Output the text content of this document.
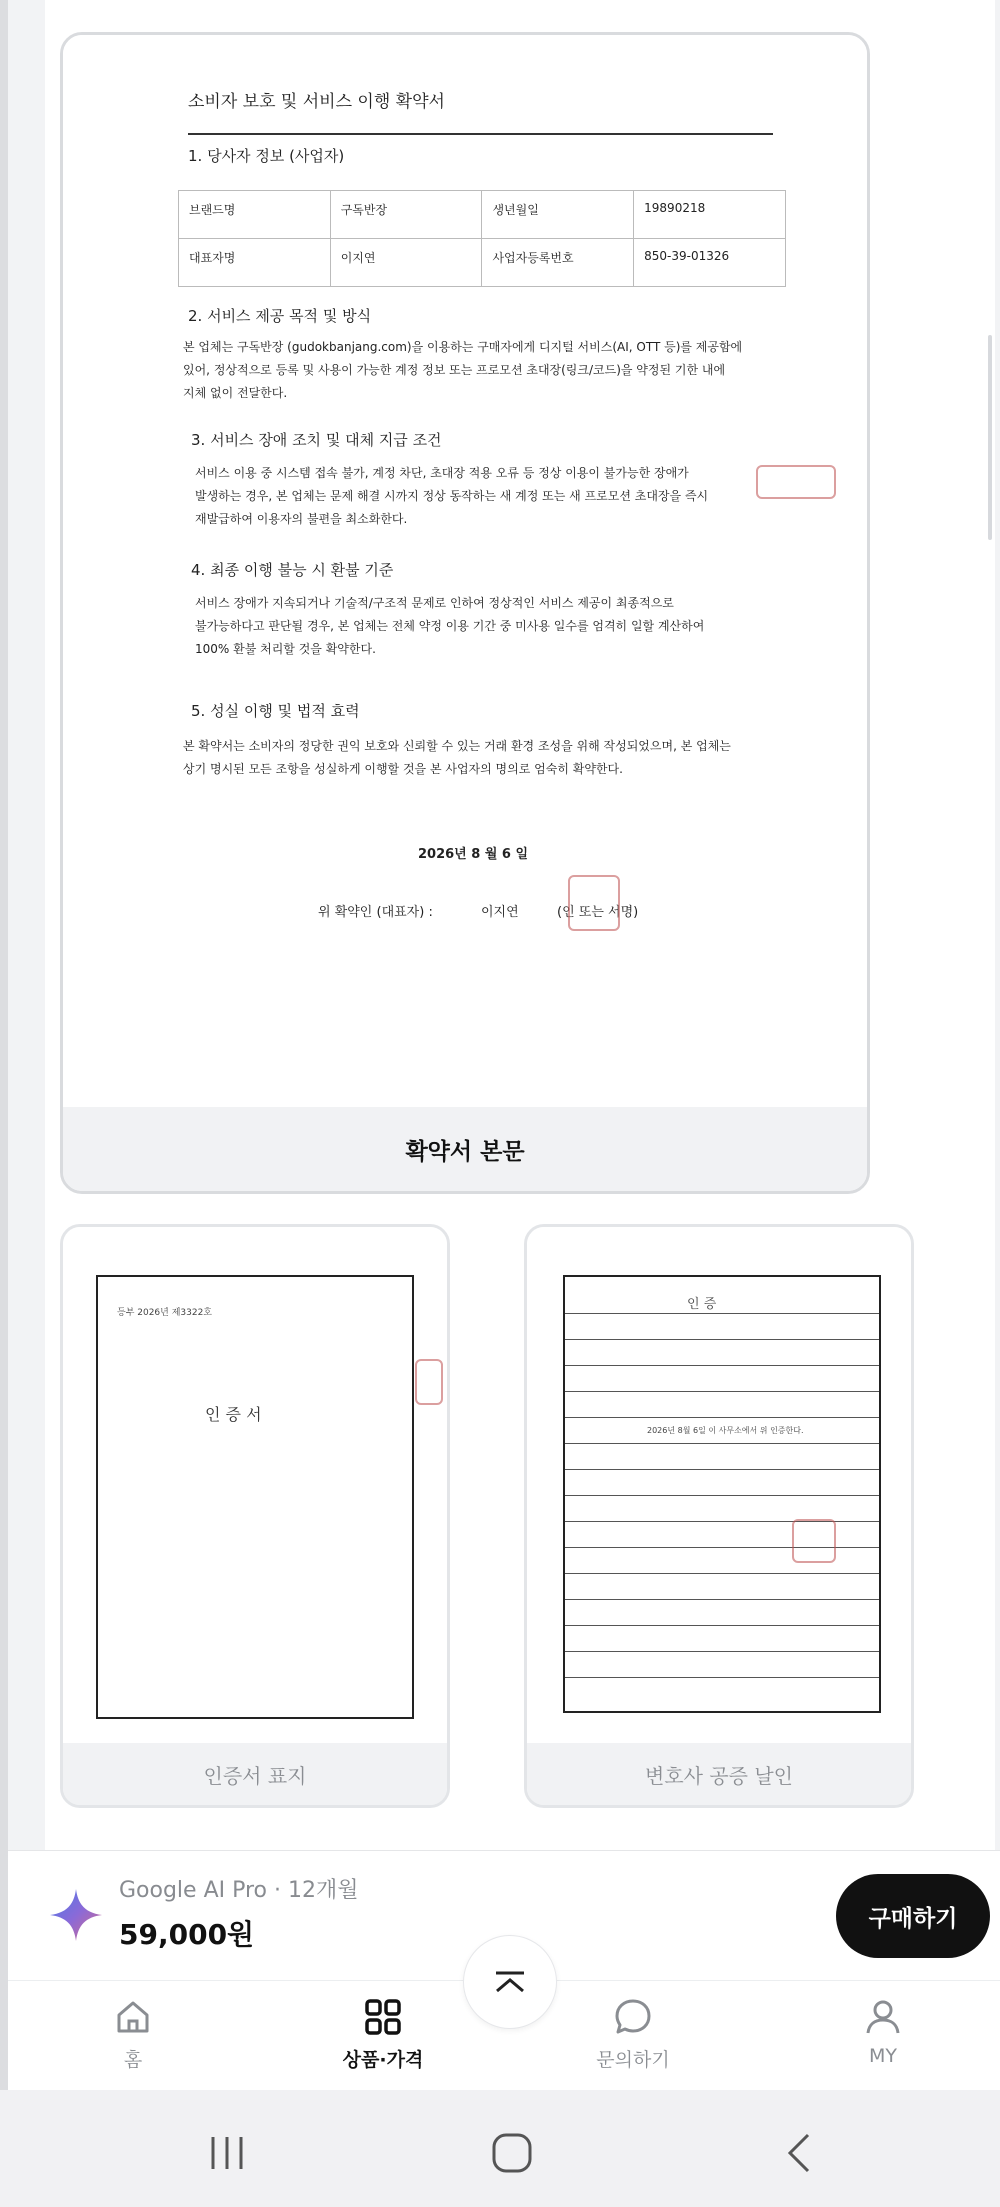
소비자 보호 및 서비스 이행 확약서
1. 당사자 정보 (사업자)
브랜드명	구독반장	생년월일	19890218
대표자명	이지연	사업자등록번호	850-39-01326
2. 서비스 제공 목적 및 방식
본 업체는 구독반장 (gudokbanjang.com)을 이용하는 구매자에게 디지털 서비스(AI, OTT 등)를 제공함에
있어, 정상적으로 등록 및 사용이 가능한 계정 정보 또는 프로모션 초대장(링크/코드)을 약정된 기한 내에
지체 없이 전달한다.
3. 서비스 장애 조치 및 대체 지급 조건
서비스 이용 중 시스템 접속 불가, 계정 차단, 초대장 적용 오류 등 정상 이용이 불가능한 장애가
발생하는 경우, 본 업체는 문제 해결 시까지 정상 동작하는 새 계정 또는 새 프로모션 초대장을 즉시
재발급하여 이용자의 불편을 최소화한다.
4. 최종 이행 불능 시 환불 기준
서비스 장애가 지속되거나 기술적/구조적 문제로 인하여 정상적인 서비스 제공이 최종적으로
불가능하다고 판단될 경우, 본 업체는 전체 약정 이용 기간 중 미사용 일수를 엄격히 일할 계산하여
100% 환불 처리할 것을 확약한다.
5. 성실 이행 및 법적 효력
본 확약서는 소비자의 정당한 권익 보호와 신뢰할 수 있는 거래 환경 조성을 위해 작성되었으며, 본 업체는
상기 명시된 모든 조항을 성실하게 이행할 것을 본 사업자의 명의로 엄숙히 확약한다.
2026년 8 월 6 일
위 확약인 (대표자) :	이지연	(인 또는 서명)
확약서 본문
등부 2026년 제3322호
인 증 서
인증서 표지
인 증
2026년 8월 6일 이 사무소에서 위 인증한다.
변호사 공증 날인
Google AI Pro · 12개월
59,000원	구매하기
홈	상품·가격	문의하기	MY
